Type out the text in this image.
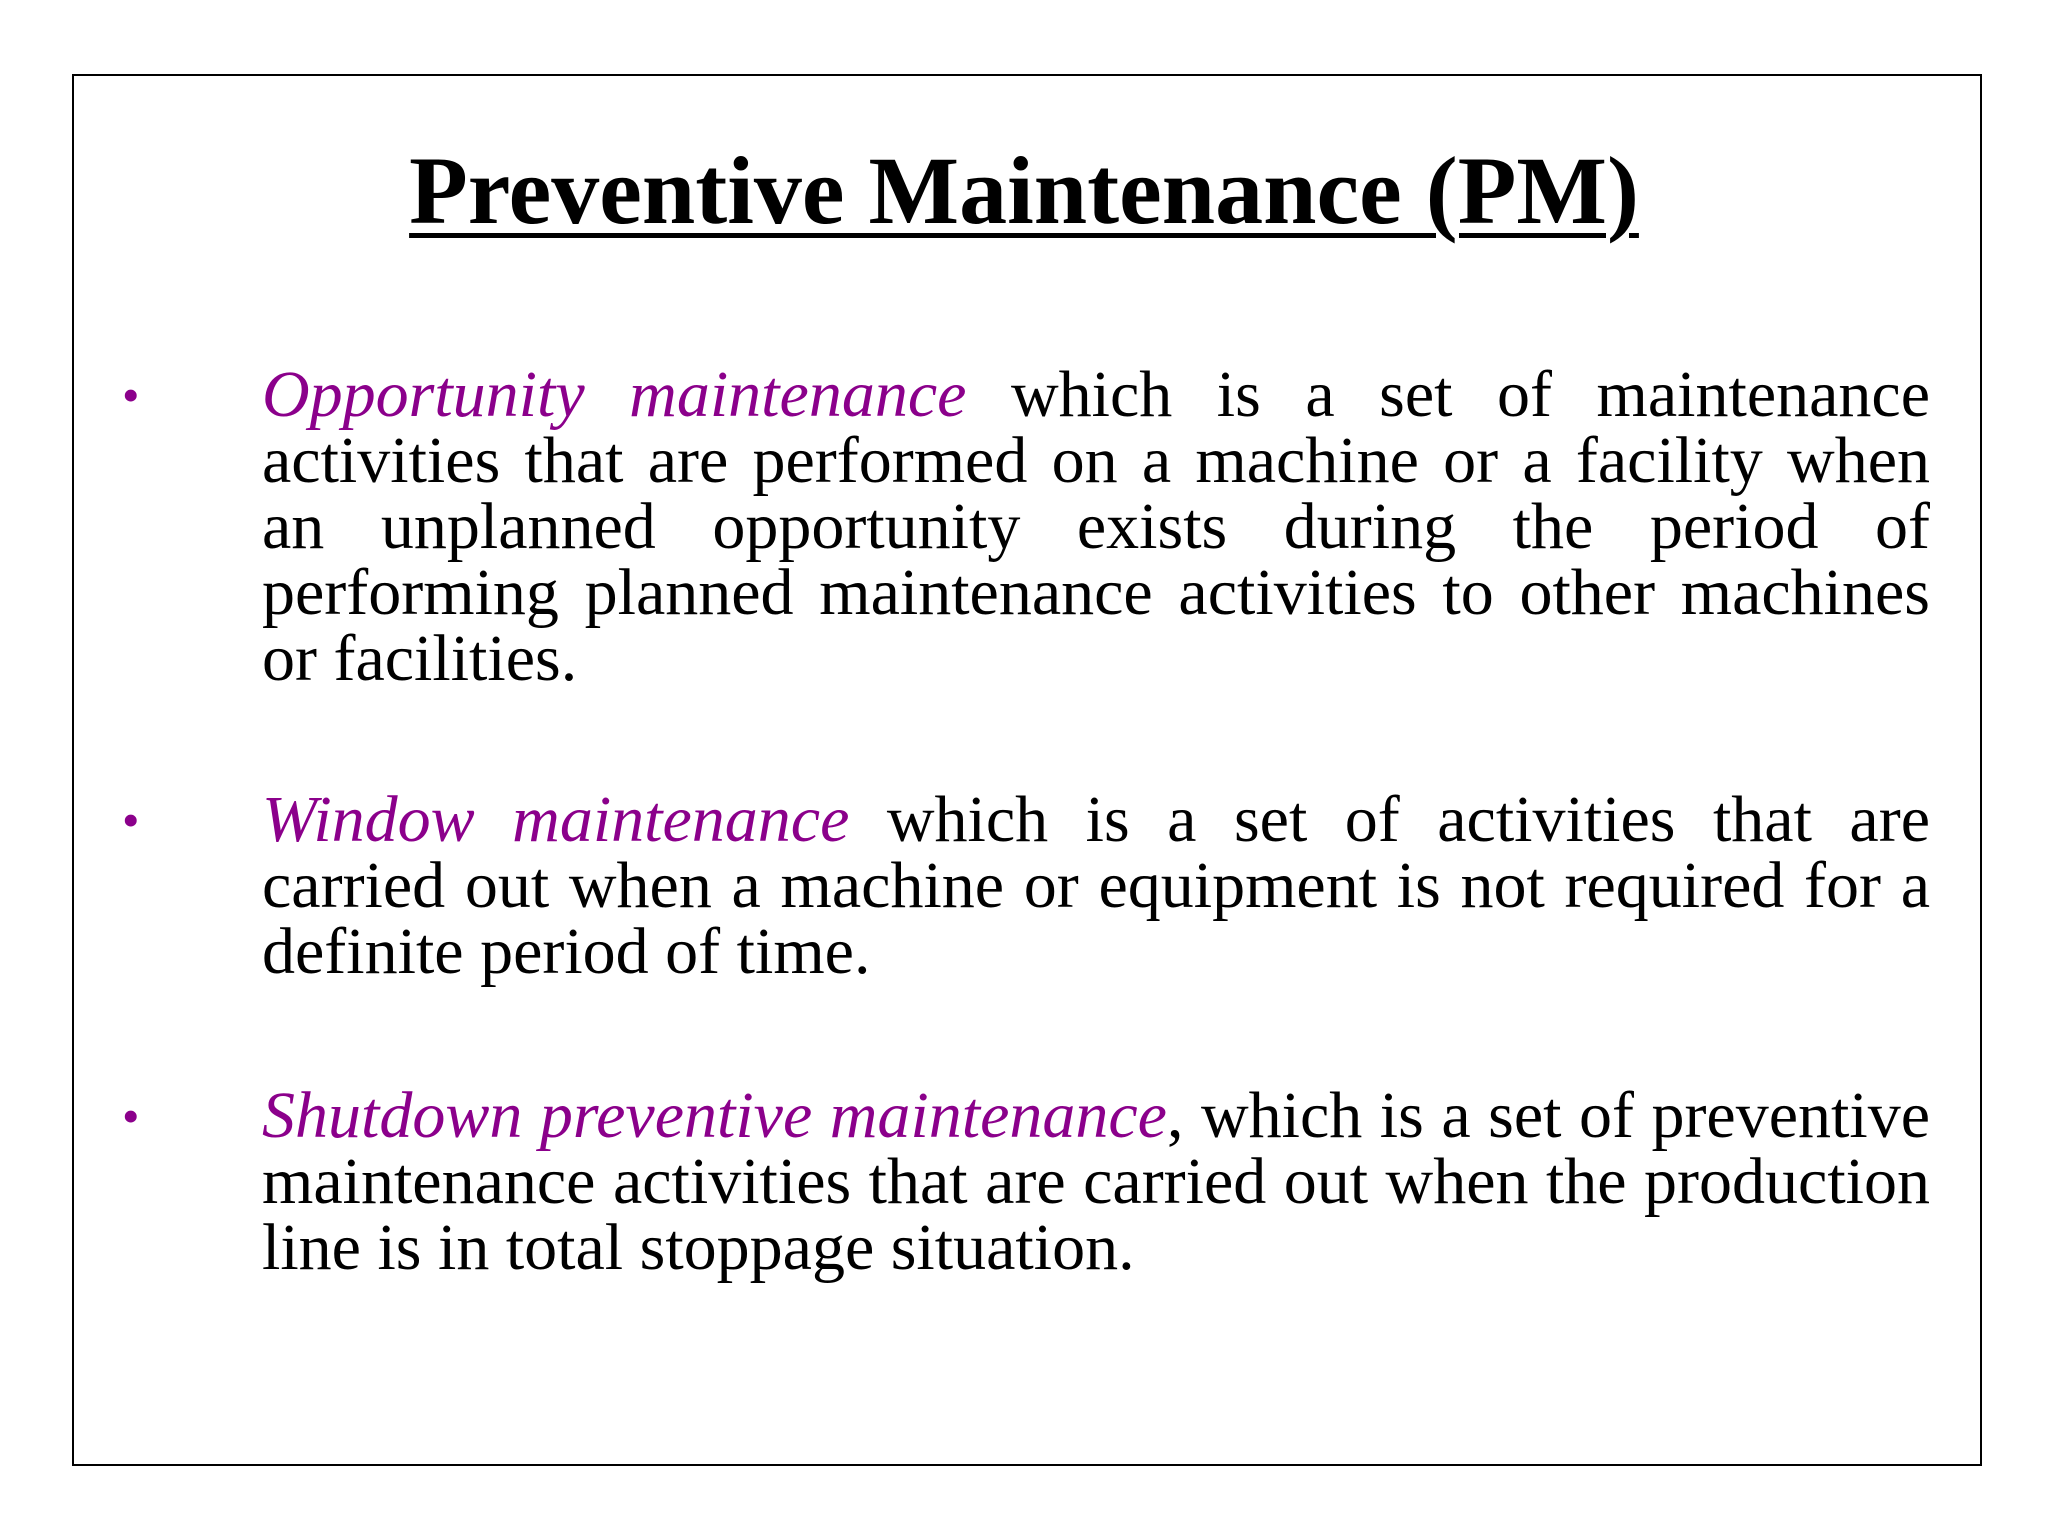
Preventive Maintenance (PM)
• Opportunity maintenance which is a set of maintenance activities that are performed on a machine or a facility when an unplanned opportunity exists during the period of performing planned maintenance activities to other machines or facilities.

• Window maintenance which is a set of activities that are carried out when a machine or equipment is not required for a definite period of time.

• Shutdown preventive maintenance, which is a set of preventive maintenance activities that are carried out when the production line is in total stoppage situation.
